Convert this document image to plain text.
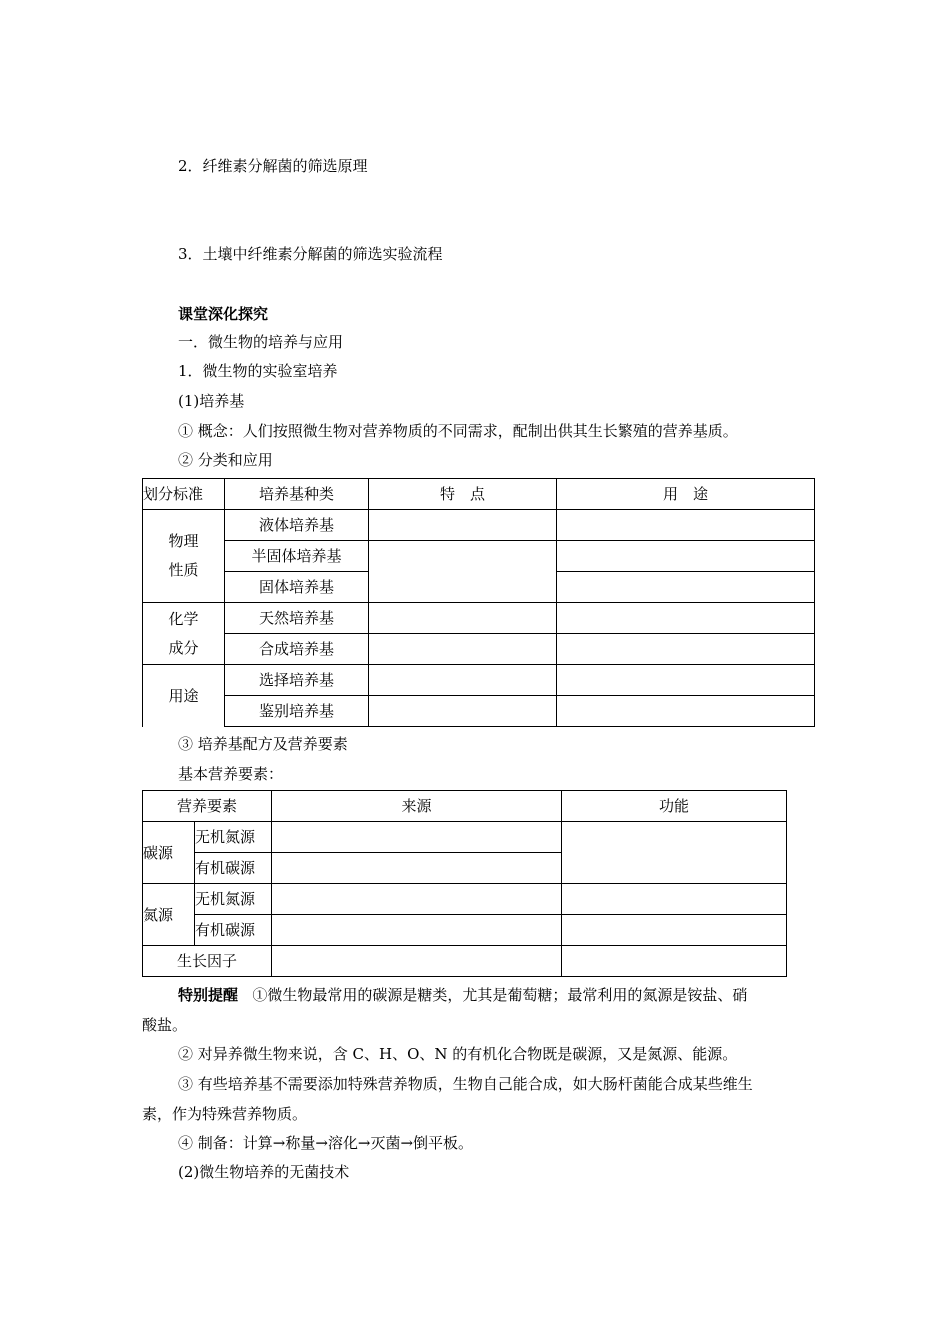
2．纤维素分解菌的筛选原理
3．土壤中纤维素分解菌的筛选实验流程
课堂深化探究
一．微生物的培养与应用
1．微生物的实验室培养
(1)培养基
① 概念：人们按照微生物对营养物质的不同需求，配制出供其生长繁殖的营养基质。
② 分类和应用
划分标准	培养基种类	特　点	用　途
物理
性质	液体培养基		
	半固体培养基		
	固体培养基		
化学
成分	天然培养基		
	合成培养基		
用途	选择培养基		
	鉴别培养基		
③ 培养基配方及营养要素
基本营养要素：
营养要素		来源	功能
碳源	无机氮源		
	有机碳源		
氮源	无机氮源		
	有机碳源		
生长因子			
特别提醒 ①微生物最常用的碳源是糖类，尤其是葡萄糖；最常利用的氮源是铵盐、硝
酸盐。
② 对异养微生物来说，含 C、H、O、N 的有机化合物既是碳源，又是氮源、能源。
③ 有些培养基不需要添加特殊营养物质，生物自己能合成，如大肠杆菌能合成某些维生
素，作为特殊营养物质。
④ 制备：计算→称量→溶化→灭菌→倒平板。
(2)微生物培养的无菌技术
